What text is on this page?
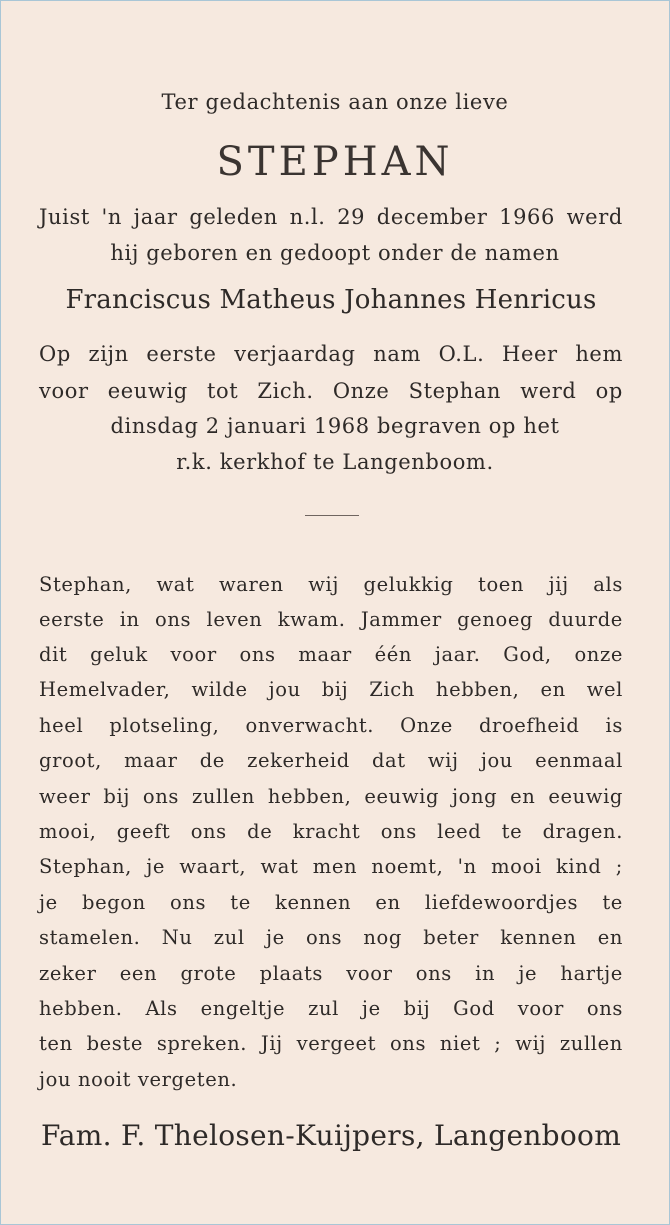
Ter gedachtenis aan onze lieve
STEPHAN
Juist 'n jaar geleden n.l. 29 december 1966 werd
hij geboren en gedoopt onder de namen
Franciscus Matheus Johannes Henricus
Op zijn eerste verjaardag nam O.L. Heer hem
voor eeuwig tot Zich. Onze Stephan werd op
dinsdag 2 januari 1968 begraven op het
r.k. kerkhof te Langenboom.
Stephan, wat waren wij gelukkig toen jij als
eerste in ons leven kwam. Jammer genoeg duurde
dit geluk voor ons maar één jaar. God, onze
Hemelvader, wilde jou bij Zich hebben, en wel
heel plotseling, onverwacht. Onze droefheid is
groot, maar de zekerheid dat wij jou eenmaal
weer bij ons zullen hebben, eeuwig jong en eeuwig
mooi, geeft ons de kracht ons leed te dragen.
Stephan, je waart, wat men noemt, 'n mooi kind ;
je begon ons te kennen en liefdewoordjes te
stamelen. Nu zul je ons nog beter kennen en
zeker een grote plaats voor ons in je hartje
hebben. Als engeltje zul je bij God voor ons
ten beste spreken. Jij vergeet ons niet ; wij zullen
jou nooit vergeten.
Fam. F. Thelosen-Kuijpers, Langenboom
